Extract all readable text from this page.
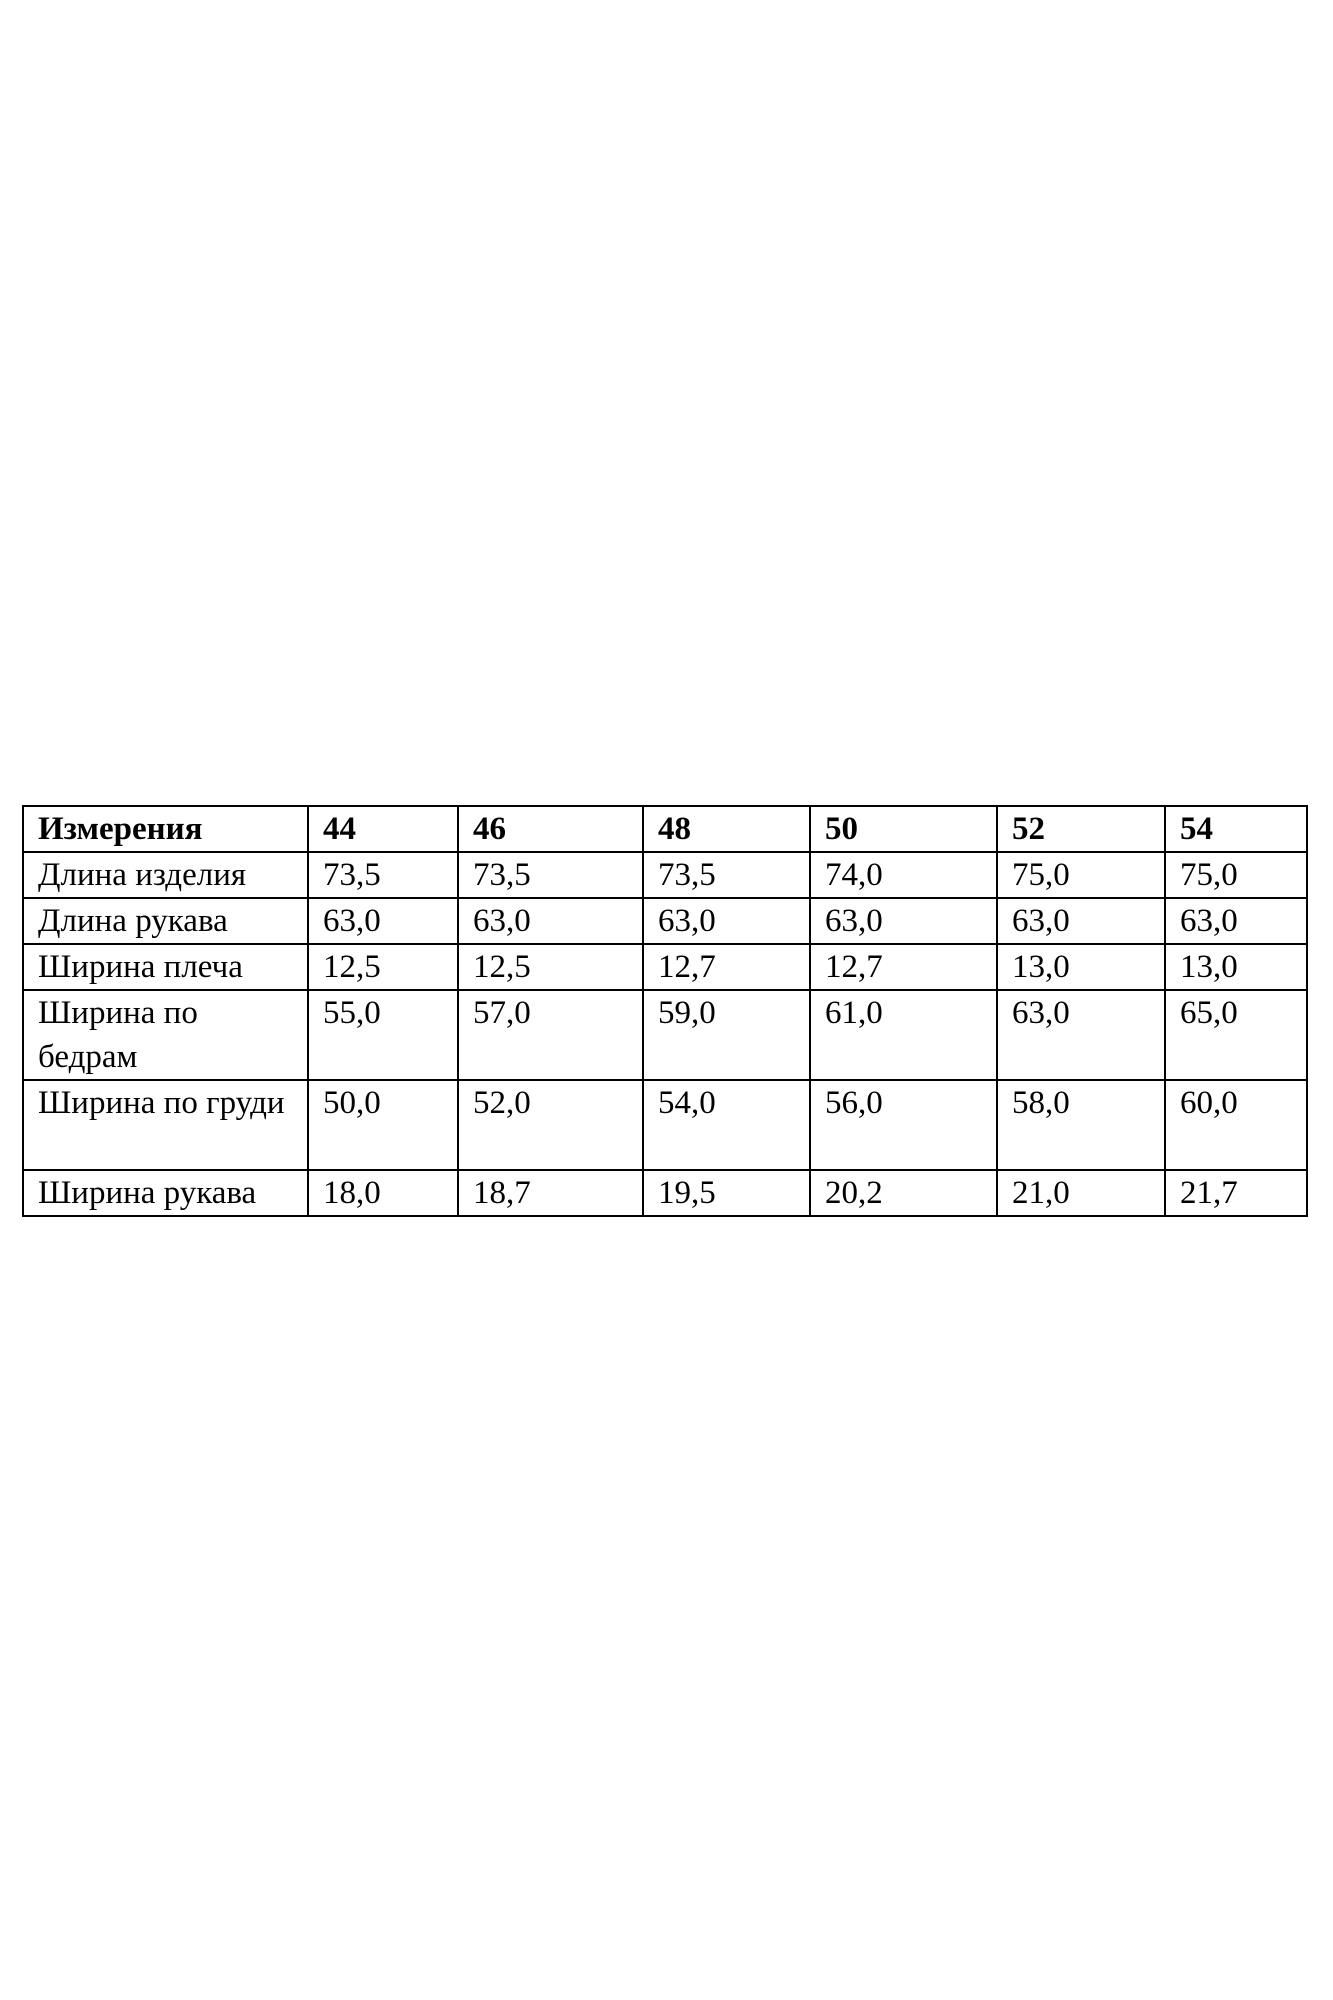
Измерения	44	46	48	50	52	54
Длина изделия	73,5	73,5	73,5	74,0	75,0	75,0
Длина рукава	63,0	63,0	63,0	63,0	63,0	63,0
Ширина плеча	12,5	12,5	12,7	12,7	13,0	13,0
Ширина по бедрам	55,0	57,0	59,0	61,0	63,0	65,0
Ширина по груди	50,0	52,0	54,0	56,0	58,0	60,0
Ширина рукава	18,0	18,7	19,5	20,2	21,0	21,7
